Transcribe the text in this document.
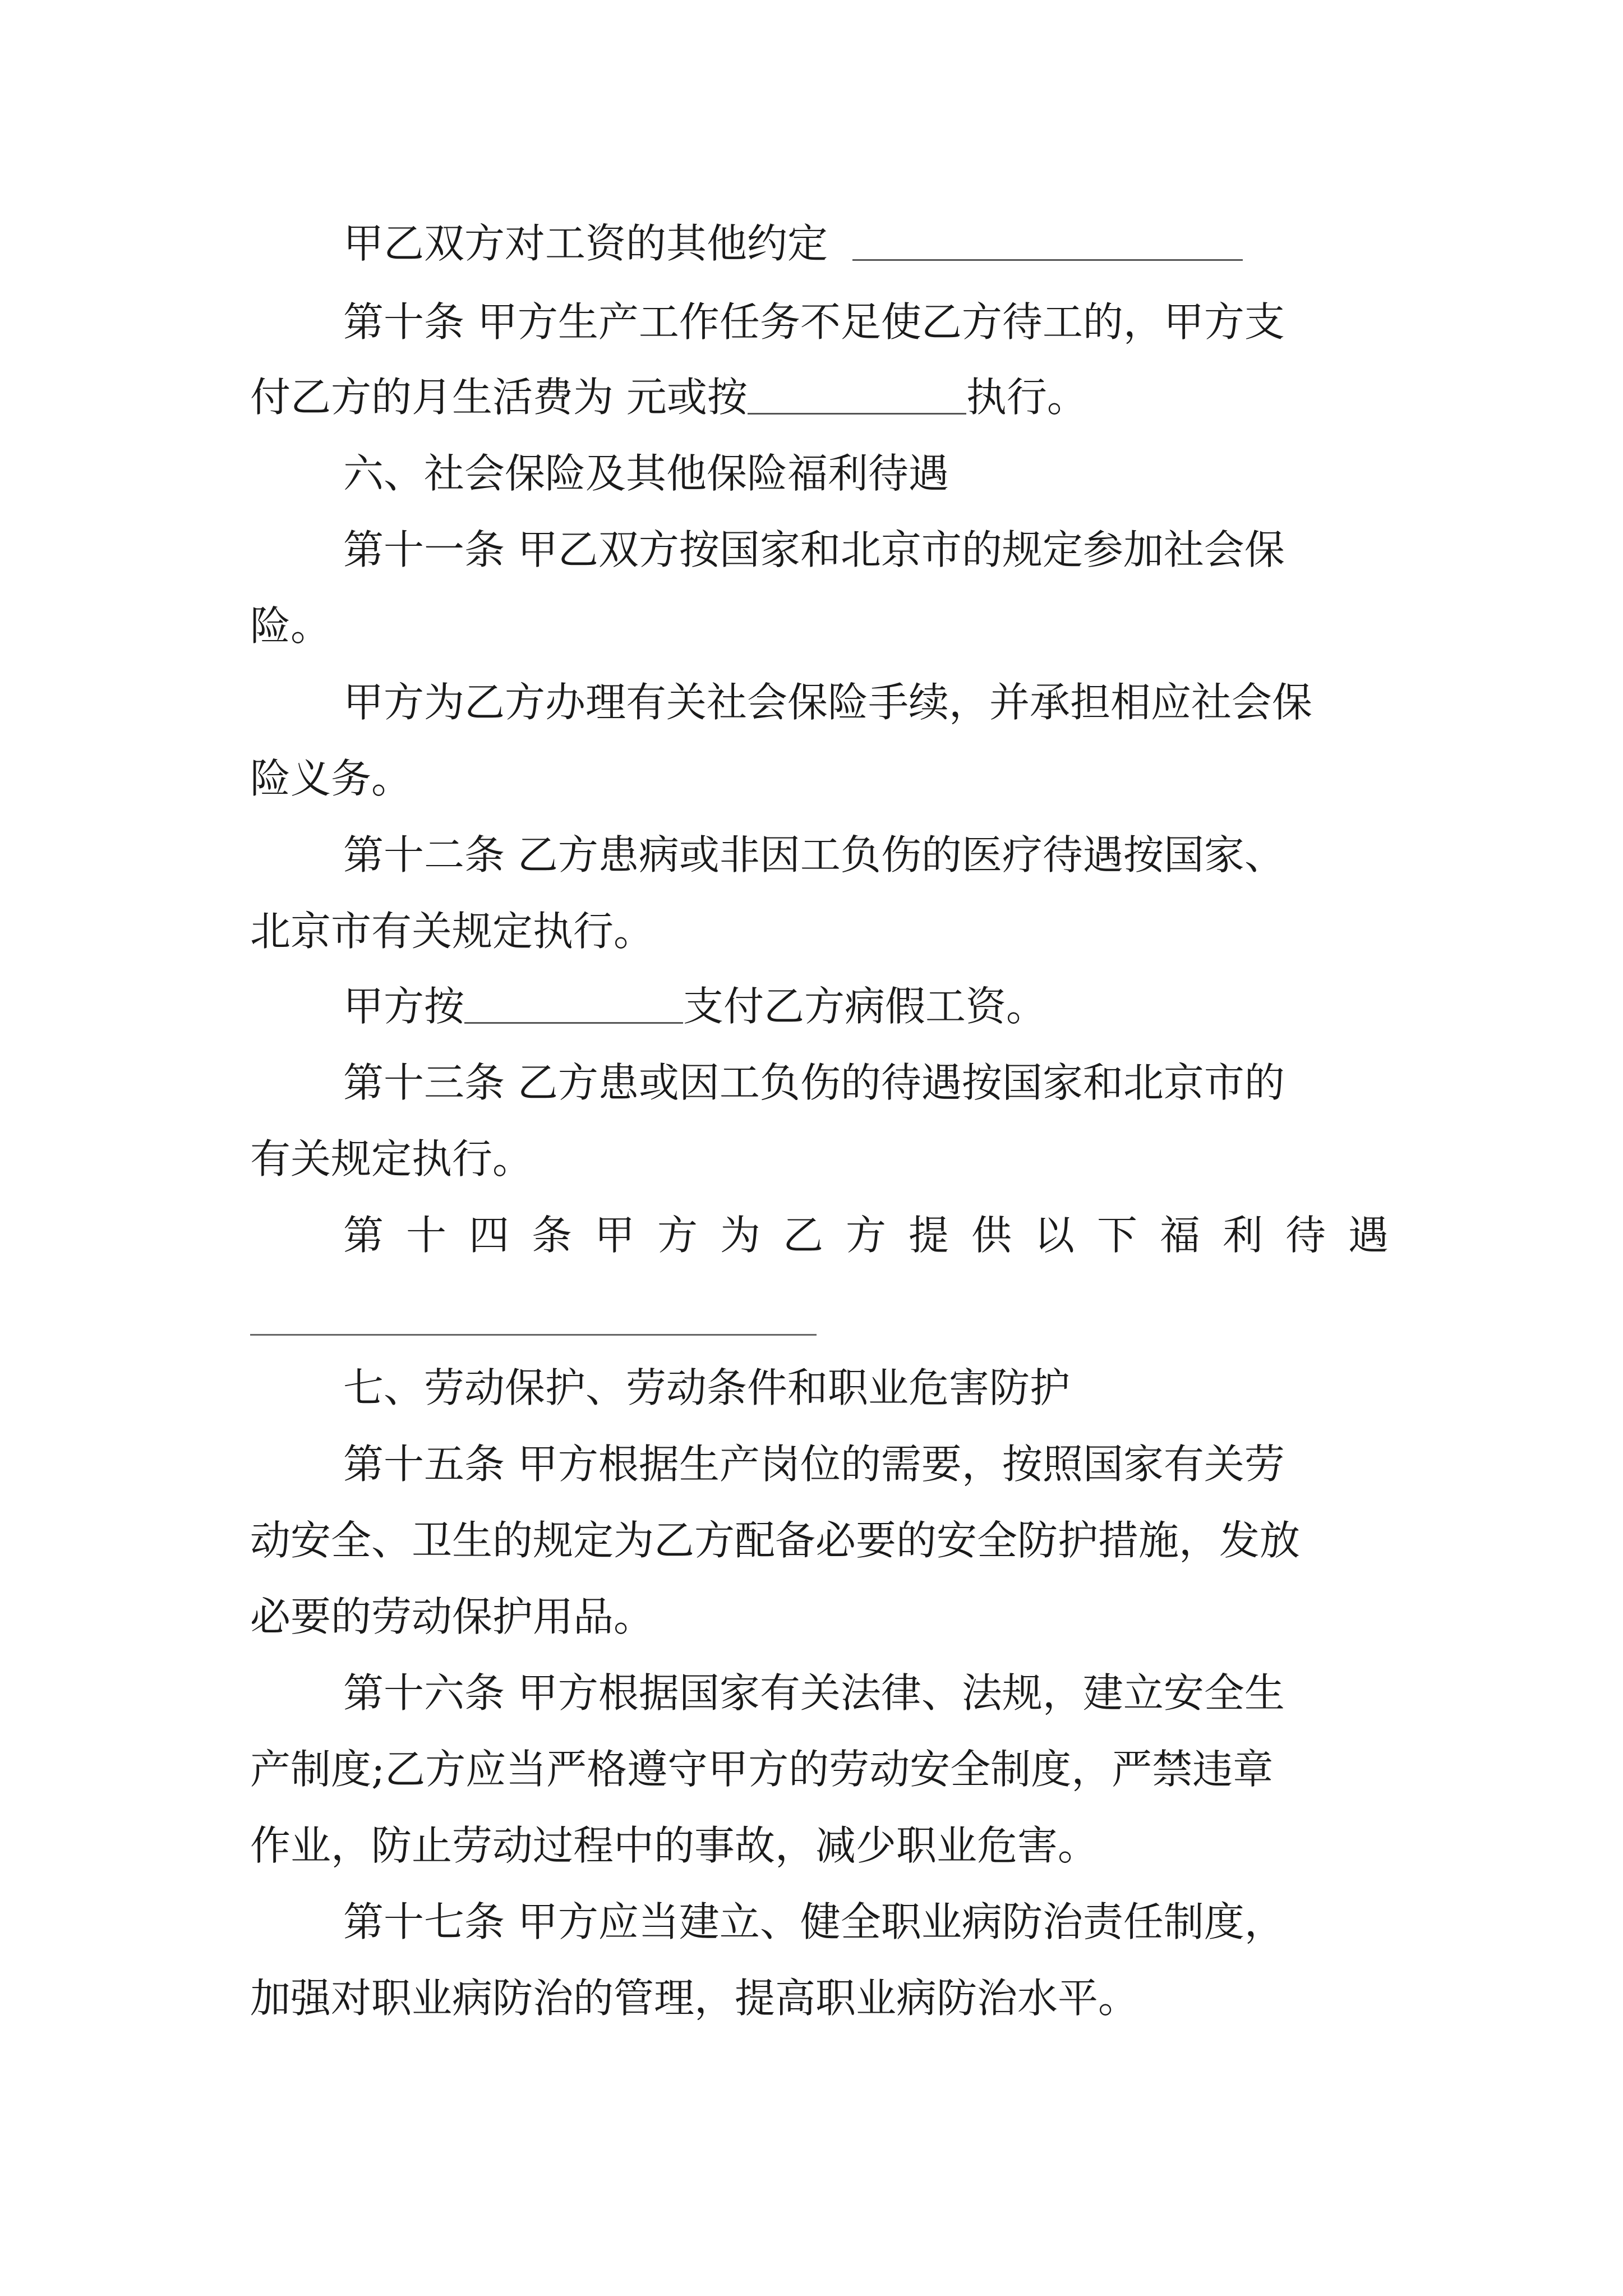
甲乙双方对工资的其他约定
第十条 甲方生产工作任务不足使乙方待工的，甲方支
付乙方的月生活费为 元或按	执行。
六、社会保险及其他保险福利待遇
第十一条 甲乙双方按国家和北京市的规定参加社会保
险。
甲方为乙方办理有关社会保险手续，并承担相应社会保
险义务。
第十二条 乙方患病或非因工负伤的医疗待遇按国家、
北京市有关规定执行。
甲方按	支付乙方病假工资。
第十三条 乙方患或因工负伤的待遇按国家和北京市的
有关规定执行。
第 十 四 条 甲 方 为 乙 方 提 供 以 下 福 利 待 遇
七、劳动保护、劳动条件和职业危害防护
第十五条 甲方根据生产岗位的需要，按照国家有关劳
动安全、卫生的规定为乙方配备必要的安全防护措施，发放
必要的劳动保护用品。
第十六条 甲方根据国家有关法律、法规，建立安全生
产制度;乙方应当严格遵守甲方的劳动安全制度，严禁违章
作业，防止劳动过程中的事故，减少职业危害。
第十七条 甲方应当建立、健全职业病防治责任制度，
加强对职业病防治的管理，提高职业病防治水平。
